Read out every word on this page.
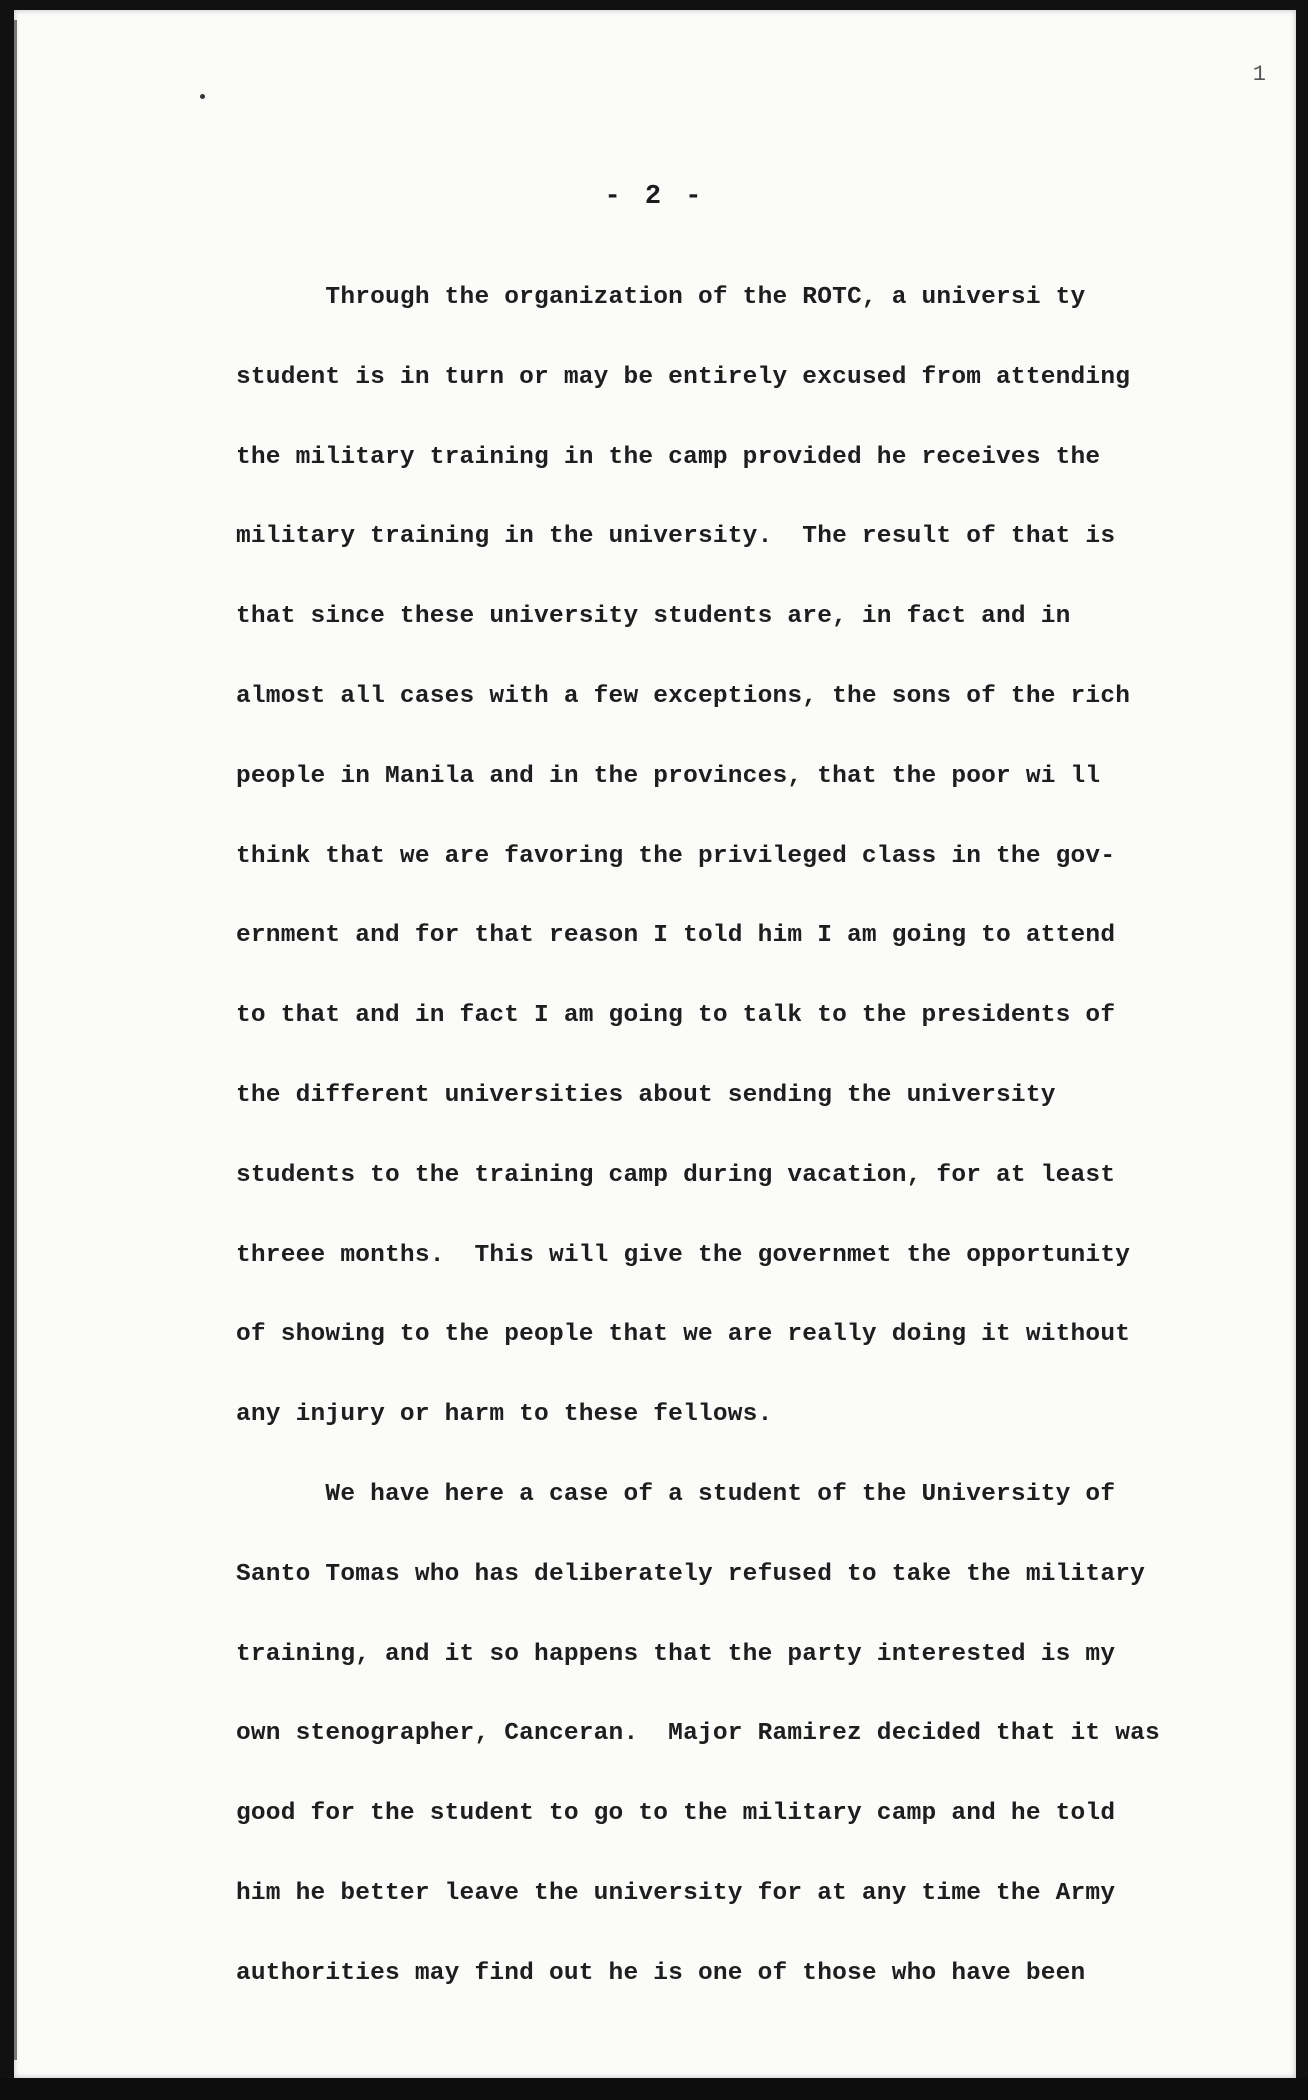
1
- 2 -
Through the organization of the ROTC, a universi ty
student is in turn or may be entirely excused from attending
the military training in the camp provided he receives the
military training in the university.  The result of that is
that since these university students are, in fact and in
almost all cases with a few exceptions, the sons of the rich
people in Manila and in the provinces, that the poor wi ll
think that we are favoring the privileged class in the gov-
ernment and for that reason I told him I am going to attend
to that and in fact I am going to talk to the presidents of
the different universities about sending the university
students to the training camp during vacation, for at least
threee months.  This will give the governmet the opportunity
of showing to the people that we are really doing it without
any injury or harm to these fellows.
We have here a case of a student of the University of
Santo Tomas who has deliberately refused to take the military
training, and it so happens that the party interested is my
own stenographer, Canceran.  Major Ramirez decided that it was
good for the student to go to the military camp and he told
him he better leave the university for at any time the Army
authorities may find out he is one of those who have been
